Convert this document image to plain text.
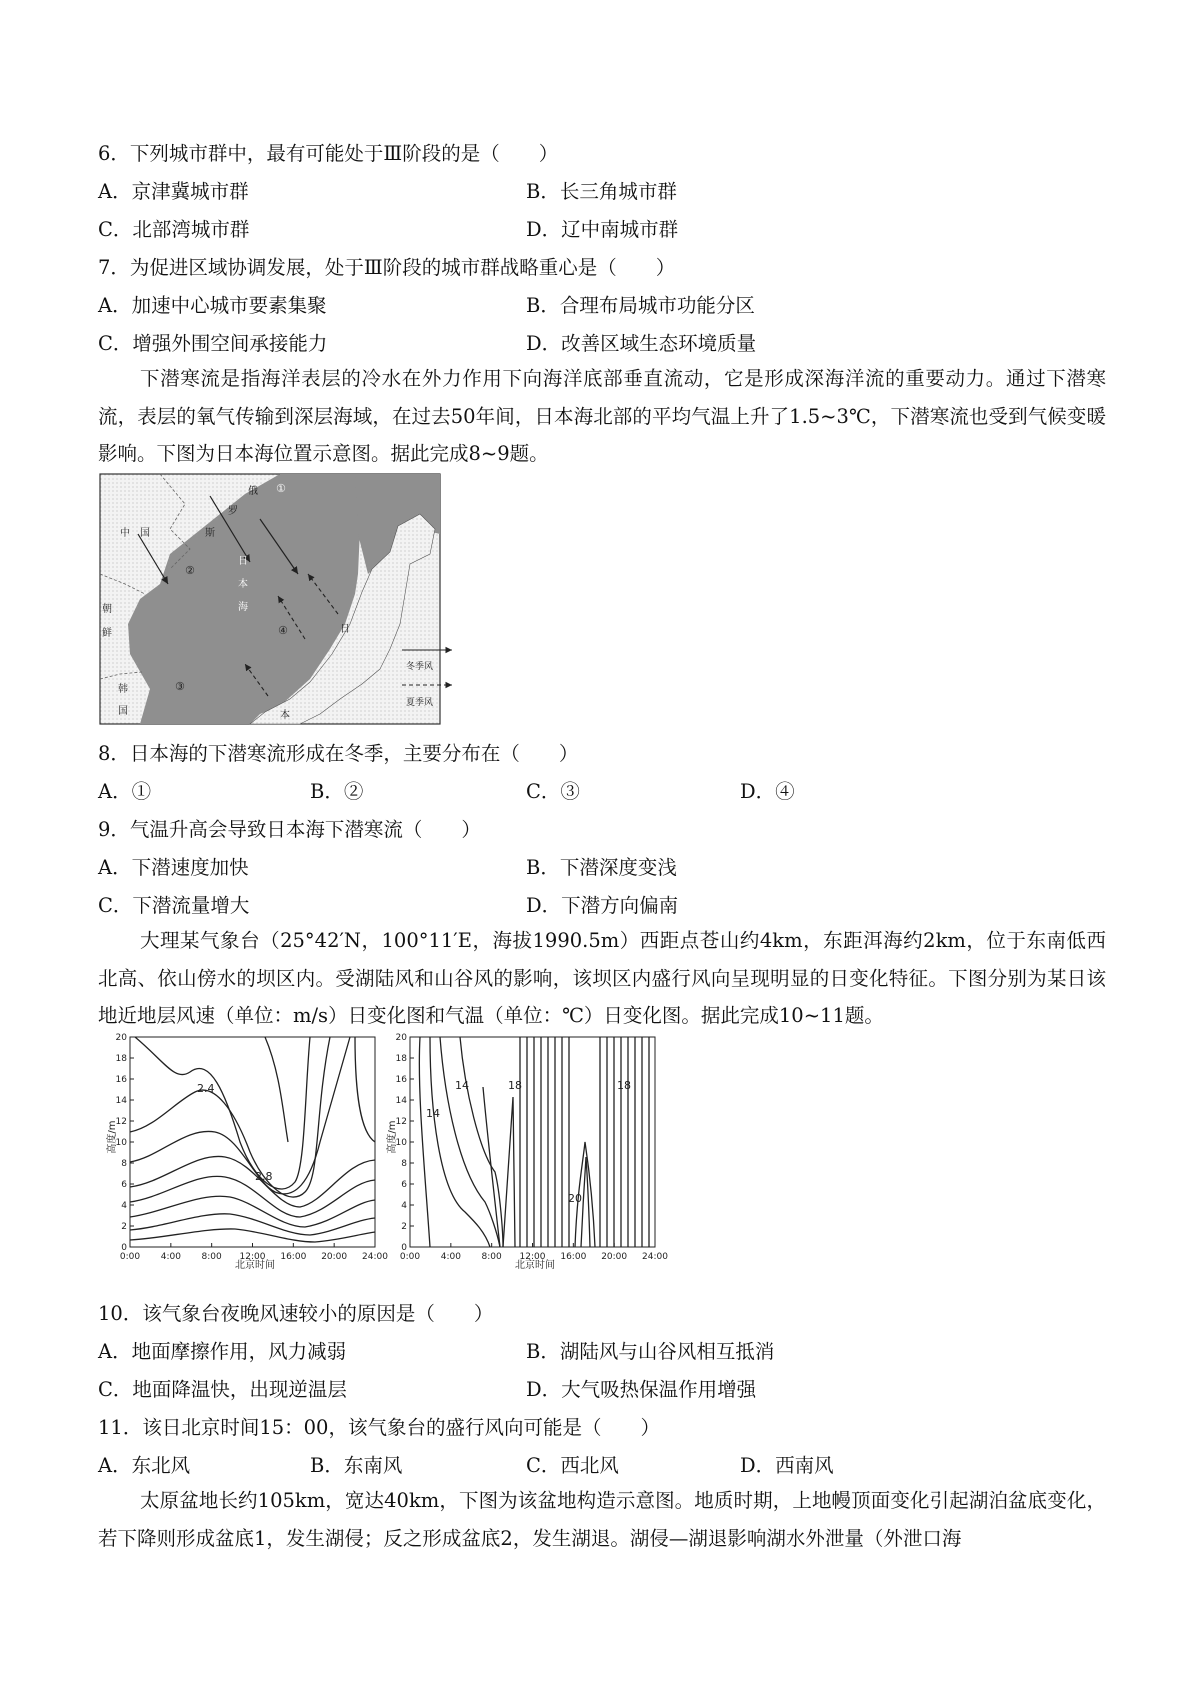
6．下列城市群中，最有可能处于Ⅲ阶段的是（　　）
A．京津冀城市群	B．长三角城市群
C．北部湾城市群	D．辽中南城市群
7．为促进区域协调发展，处于Ⅲ阶段的城市群战略重心是（　　）
A．加速中心城市要素集聚	B．合理布局城市功能分区
C．增强外围空间承接能力	D．改善区域生态环境质量
下潜寒流是指海洋表层的冷水在外力作用下向海洋底部垂直流动，它是形成深海洋流的重要动力。通过下潜寒流，表层的氧气传输到深层海域，在过去50年间，日本海北部的平均气温上升了1.5~3℃，下潜寒流也受到气候变暖影响。下图为日本海位置示意图。据此完成8~9题。
中　国
俄
罗
斯
朝
鲜
韩
国
日
本
海
日
本
①
②
③
④
冬季风
夏季风
8．日本海的下潜寒流形成在冬季，主要分布在（　　）
A．①	B．②	C．③	D．④
9．气温升高会导致日本海下潜寒流（　　）
A．下潜速度加快	B．下潜深度变浅
C．下潜流量增大	D．下潜方向偏南
大理某气象台（25°42′N，100°11′E，海拔1990.5m）西距点苍山约4km，东距洱海约2km，位于东南低西北高、依山傍水的坝区内。受湖陆风和山谷风的影响，该坝区内盛行风向呈现明显的日变化特征。下图分别为某日该地近地层风速（单位：m/s）日变化图和气温（单位：℃）日变化图。据此完成10~11题。
高度/m
0
2
4
6
8
10
12
14
16
18
20
0:00 4:00 8:00 12:00 16:00 20:00 24:00
2.4
2.8
北京时间
高度/m
0
2
4
6
8
10
12
14
16
18
20
0:00 4:00 8:00 12:00 16:00 20:00 24:00
14
14	18	18
20
北京时间
10．该气象台夜晚风速较小的原因是（　　）
A．地面摩擦作用，风力减弱	B．湖陆风与山谷风相互抵消
C．地面降温快，出现逆温层	D．大气吸热保温作用增强
11．该日北京时间15：00，该气象台的盛行风向可能是（　　）
A．东北风	B．东南风	C．西北风	D．西南风
太原盆地长约105km，宽达40km，下图为该盆地构造示意图。地质时期，上地幔顶面变化引起湖泊盆底变化，若下降则形成盆底1，发生湖侵；反之形成盆底2，发生湖退。湖侵—湖退影响湖水外泄量（外泄口海
